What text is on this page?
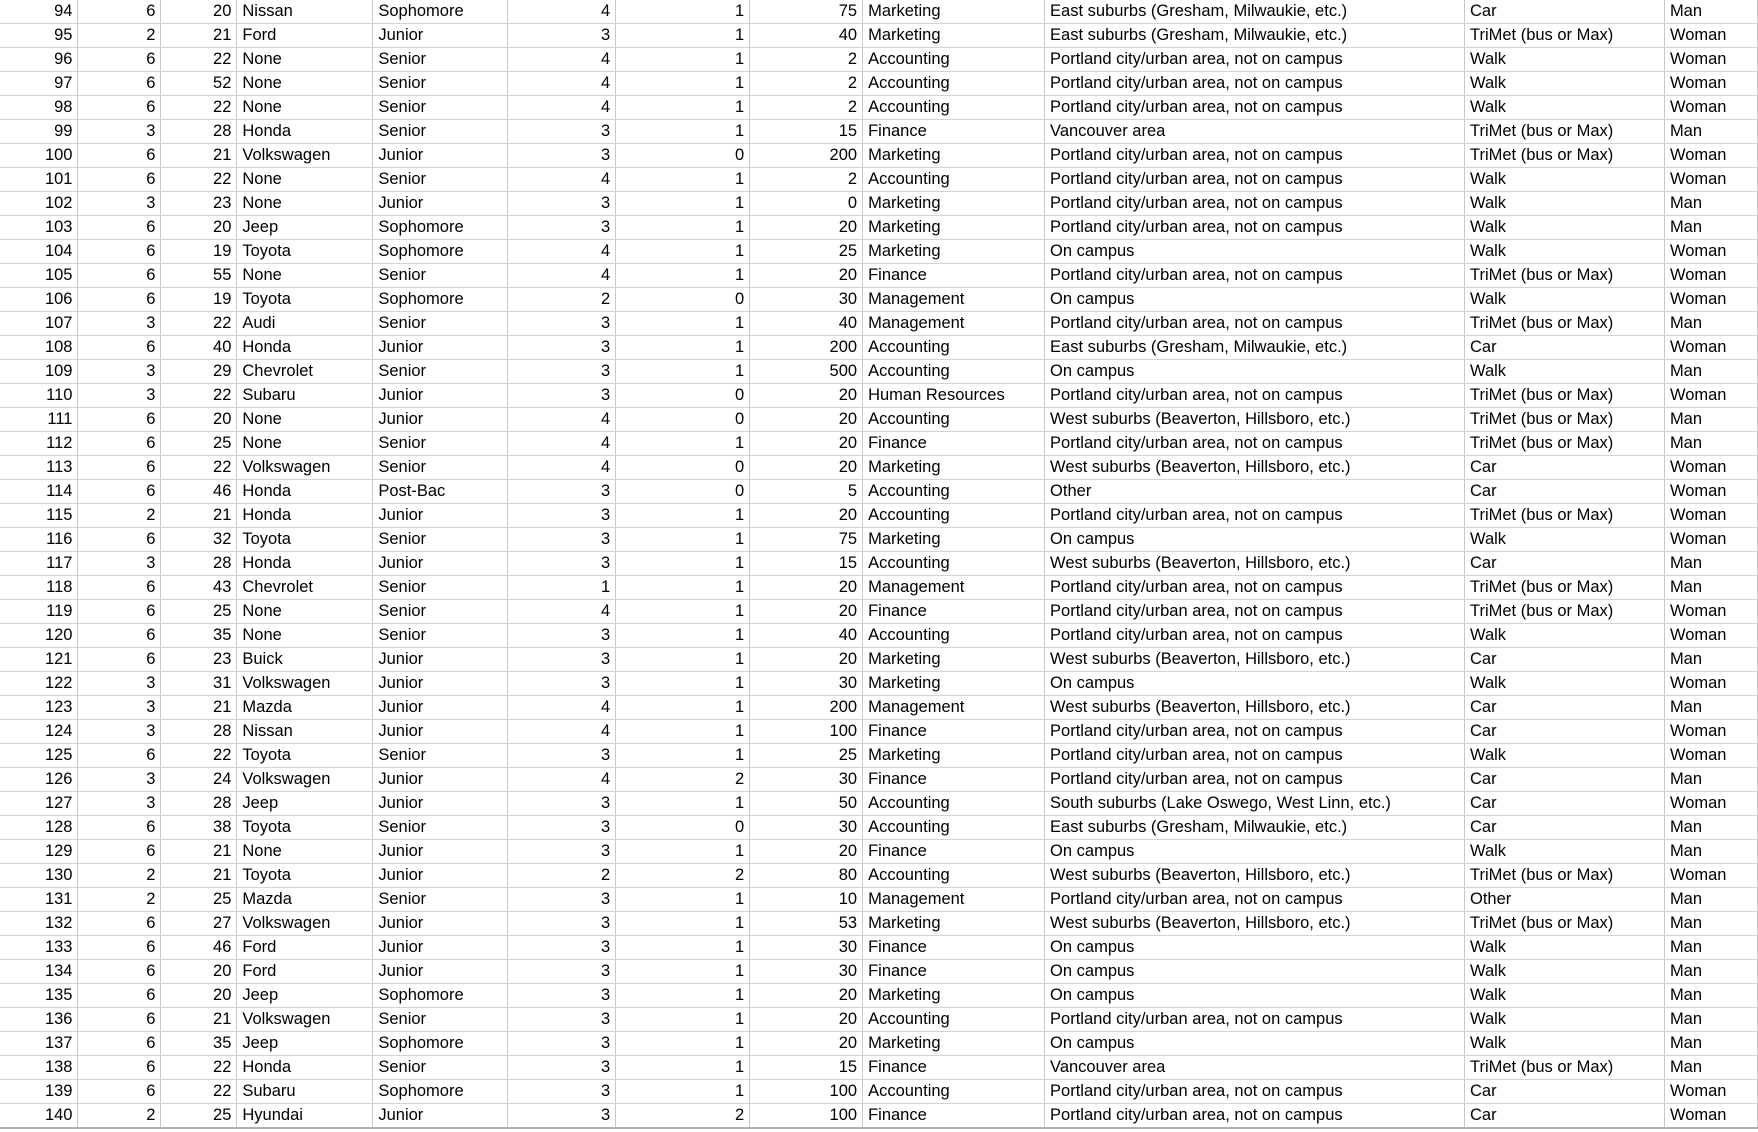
94	6	20	Nissan	Sophomore	4	1	75	Marketing	East suburbs (Gresham, Milwaukie, etc.)	Car	Man
95	2	21	Ford	Junior	3	1	40	Marketing	East suburbs (Gresham, Milwaukie, etc.)	TriMet (bus or Max)	Woman
96	6	22	None	Senior	4	1	2	Accounting	Portland city/urban area, not on campus	Walk	Woman
97	6	52	None	Senior	4	1	2	Accounting	Portland city/urban area, not on campus	Walk	Woman
98	6	22	None	Senior	4	1	2	Accounting	Portland city/urban area, not on campus	Walk	Woman
99	3	28	Honda	Senior	3	1	15	Finance	Vancouver area	TriMet (bus or Max)	Man
100	6	21	Volkswagen	Junior	3	0	200	Marketing	Portland city/urban area, not on campus	TriMet (bus or Max)	Woman
101	6	22	None	Senior	4	1	2	Accounting	Portland city/urban area, not on campus	Walk	Woman
102	3	23	None	Junior	3	1	0	Marketing	Portland city/urban area, not on campus	Walk	Man
103	6	20	Jeep	Sophomore	3	1	20	Marketing	Portland city/urban area, not on campus	Walk	Man
104	6	19	Toyota	Sophomore	4	1	25	Marketing	On campus	Walk	Woman
105	6	55	None	Senior	4	1	20	Finance	Portland city/urban area, not on campus	TriMet (bus or Max)	Woman
106	6	19	Toyota	Sophomore	2	0	30	Management	On campus	Walk	Woman
107	3	22	Audi	Senior	3	1	40	Management	Portland city/urban area, not on campus	TriMet (bus or Max)	Man
108	6	40	Honda	Junior	3	1	200	Accounting	East suburbs (Gresham, Milwaukie, etc.)	Car	Woman
109	3	29	Chevrolet	Senior	3	1	500	Accounting	On campus	Walk	Man
110	3	22	Subaru	Junior	3	0	20	Human Resources	Portland city/urban area, not on campus	TriMet (bus or Max)	Woman
111	6	20	None	Junior	4	0	20	Accounting	West suburbs (Beaverton, Hillsboro, etc.)	TriMet (bus or Max)	Man
112	6	25	None	Senior	4	1	20	Finance	Portland city/urban area, not on campus	TriMet (bus or Max)	Man
113	6	22	Volkswagen	Senior	4	0	20	Marketing	West suburbs (Beaverton, Hillsboro, etc.)	Car	Woman
114	6	46	Honda	Post-Bac	3	0	5	Accounting	Other	Car	Woman
115	2	21	Honda	Junior	3	1	20	Accounting	Portland city/urban area, not on campus	TriMet (bus or Max)	Woman
116	6	32	Toyota	Senior	3	1	75	Marketing	On campus	Walk	Woman
117	3	28	Honda	Junior	3	1	15	Accounting	West suburbs (Beaverton, Hillsboro, etc.)	Car	Man
118	6	43	Chevrolet	Senior	1	1	20	Management	Portland city/urban area, not on campus	TriMet (bus or Max)	Man
119	6	25	None	Senior	4	1	20	Finance	Portland city/urban area, not on campus	TriMet (bus or Max)	Woman
120	6	35	None	Senior	3	1	40	Accounting	Portland city/urban area, not on campus	Walk	Woman
121	6	23	Buick	Junior	3	1	20	Marketing	West suburbs (Beaverton, Hillsboro, etc.)	Car	Man
122	3	31	Volkswagen	Junior	3	1	30	Marketing	On campus	Walk	Woman
123	3	21	Mazda	Junior	4	1	200	Management	West suburbs (Beaverton, Hillsboro, etc.)	Car	Man
124	3	28	Nissan	Junior	4	1	100	Finance	Portland city/urban area, not on campus	Car	Woman
125	6	22	Toyota	Senior	3	1	25	Marketing	Portland city/urban area, not on campus	Walk	Woman
126	3	24	Volkswagen	Junior	4	2	30	Finance	Portland city/urban area, not on campus	Car	Man
127	3	28	Jeep	Junior	3	1	50	Accounting	South suburbs (Lake Oswego, West Linn, etc.)	Car	Woman
128	6	38	Toyota	Senior	3	0	30	Accounting	East suburbs (Gresham, Milwaukie, etc.)	Car	Man
129	6	21	None	Junior	3	1	20	Finance	On campus	Walk	Man
130	2	21	Toyota	Junior	2	2	80	Accounting	West suburbs (Beaverton, Hillsboro, etc.)	TriMet (bus or Max)	Woman
131	2	25	Mazda	Senior	3	1	10	Management	Portland city/urban area, not on campus	Other	Man
132	6	27	Volkswagen	Junior	3	1	53	Marketing	West suburbs (Beaverton, Hillsboro, etc.)	TriMet (bus or Max)	Man
133	6	46	Ford	Junior	3	1	30	Finance	On campus	Walk	Man
134	6	20	Ford	Junior	3	1	30	Finance	On campus	Walk	Man
135	6	20	Jeep	Sophomore	3	1	20	Marketing	On campus	Walk	Man
136	6	21	Volkswagen	Senior	3	1	20	Accounting	Portland city/urban area, not on campus	Walk	Man
137	6	35	Jeep	Sophomore	3	1	20	Marketing	On campus	Walk	Man
138	6	22	Honda	Senior	3	1	15	Finance	Vancouver area	TriMet (bus or Max)	Man
139	6	22	Subaru	Sophomore	3	1	100	Accounting	Portland city/urban area, not on campus	Car	Woman
140	2	25	Hyundai	Junior	3	2	100	Finance	Portland city/urban area, not on campus	Car	Woman
